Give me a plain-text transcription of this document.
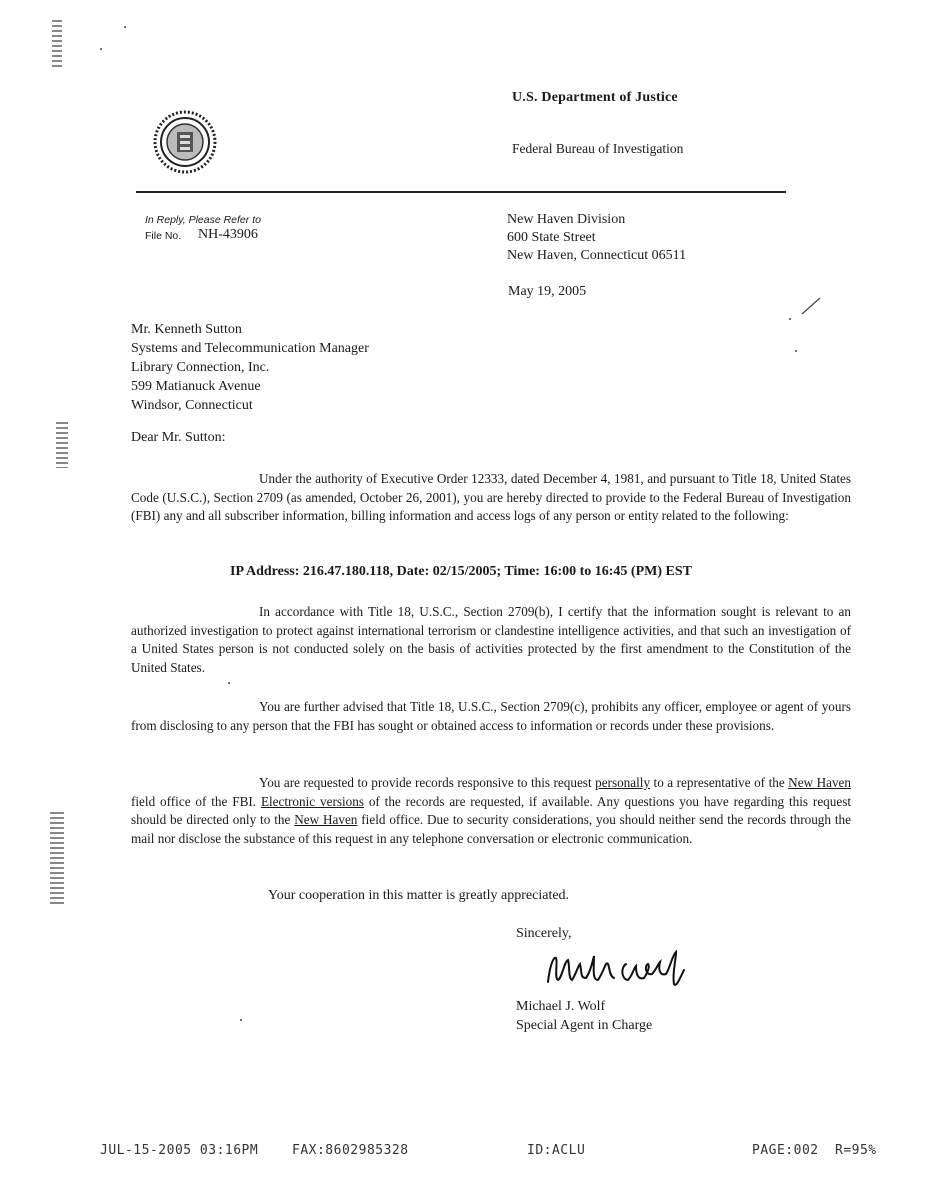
U.S. Department of Justice
Federal Bureau of Investigation
In Reply, Please Refer to
File No. NH-43906
New Haven Division
600 State Street
New Haven, Connecticut 06511
May 19, 2005
Mr. Kenneth Sutton
Systems and Telecommunication Manager
Library Connection, Inc.
599 Matianuck Avenue
Windsor, Connecticut
Dear Mr. Sutton:

Under the authority of Executive Order 12333, dated December 4, 1981, and pursuant to Title 18, United States Code (U.S.C.), Section 2709 (as amended, October 26, 2001), you are hereby directed to provide to the Federal Bureau of Investigation (FBI) any and all subscriber information, billing information and access logs of any person or entity related to the following:

IP Address: 216.47.180.118, Date: 02/15/2005; Time: 16:00 to 16:45 (PM) EST

In accordance with Title 18, U.S.C., Section 2709(b), I certify that the information sought is relevant to an authorized investigation to protect against international terrorism or clandestine intelligence activities, and that such an investigation of a United States person is not conducted solely on the basis of activities protected by the first amendment to the Constitution of the United States.

You are further advised that Title 18, U.S.C., Section 2709(c), prohibits any officer, employee or agent of yours from disclosing to any person that the FBI has sought or obtained access to information or records under these provisions.

You are requested to provide records responsive to this request personally to a representative of the New Haven field office of the FBI. Electronic versions of the records are requested, if available. Any questions you have regarding this request should be directed only to the New Haven field office. Due to security considerations, you should neither send the records through the mail nor disclose the substance of this request in any telephone conversation or electronic communication.

Your cooperation in this matter is greatly appreciated.
Sincerely,
Michael J. Wolf
Special Agent in Charge
JUL-15-2005 03:16PM	FAX:8602985328	ID:ACLU	PAGE:002 R=95%
